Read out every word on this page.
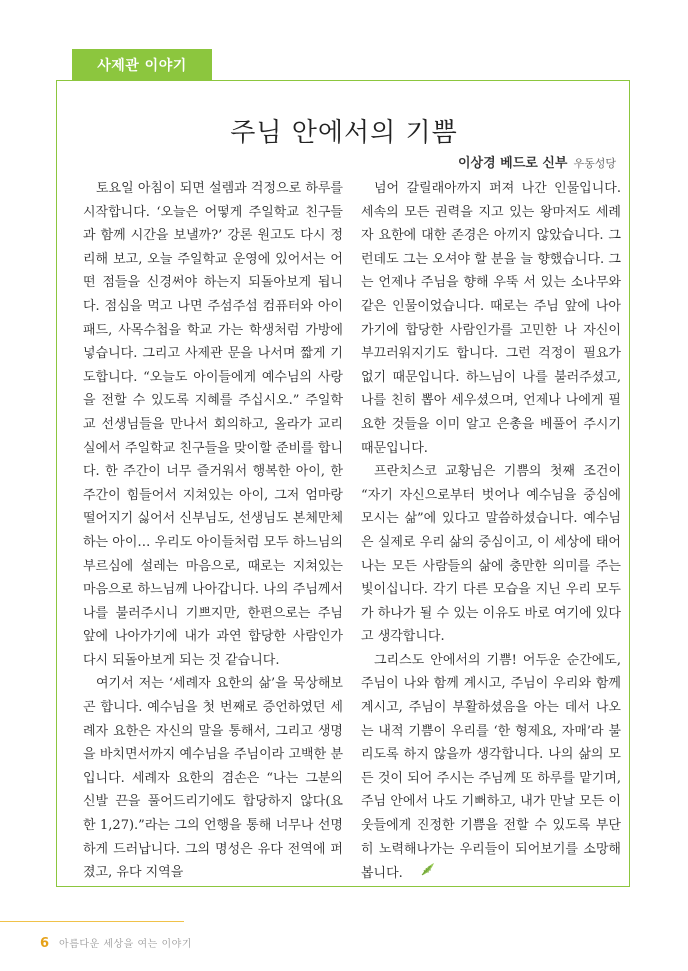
사제관 이야기
주님 안에서의 기쁨
이상경 베드로 신부 우동성당

토요일 아침이 되면 설렘과 걱정으로 하루를 시작합니다. ‘오늘은 어떻게 주일학교 친구들과 함께 시간을 보낼까?’ 강론 원고도 다시 정리해 보고, 오늘 주일학교 운영에 있어서는 어떤 점들을 신경써야 하는지 되돌아보게 됩니다. 점심을 먹고 나면 주섬주섬 컴퓨터와 아이패드, 사목수첩을 학교 가는 학생처럼 가방에 넣습니다. 그리고 사제관 문을 나서며 짧게 기도합니다. “오늘도 아이들에게 예수님의 사랑을 전할 수 있도록 지혜를 주십시오.” 주일학교 선생님들을 만나서 회의하고, 올라가 교리실에서 주일학교 친구들을 맞이할 준비를 합니다. 한 주간이 너무 즐거워서 행복한 아이, 한 주간이 힘들어서 지쳐있는 아이, 그저 엄마랑 떨어지기 싫어서 신부님도, 선생님도 본체만체하는 아이… 우리도 아이들처럼 모두 하느님의 부르심에 설레는 마음으로, 때로는 지쳐있는 마음으로 하느님께 나아갑니다. 나의 주님께서 나를 불러주시니 기쁘지만, 한편으로는 주님 앞에 나아가기에 내가 과연 합당한 사람인가 다시 되돌아보게 되는 것 같습니다.

여기서 저는 ‘세례자 요한의 삶’을 묵상해보곤 합니다. 예수님을 첫 번째로 증언하였던 세례자 요한은 자신의 말을 통해서, 그리고 생명을 바치면서까지 예수님을 주님이라 고백한 분입니다. 세례자 요한의 겸손은 “나는 그분의 신발 끈을 풀어드리기에도 합당하지 않다(요한 1,27).”라는 그의 언행을 통해 너무나 선명하게 드러납니다. 그의 명성은 유다 전역에 퍼졌고, 유다 지역을

넘어 갈릴래아까지 퍼져 나간 인물입니다. 세속의 모든 권력을 지고 있는 왕마저도 세례자 요한에 대한 존경은 아끼지 않았습니다. 그런데도 그는 오셔야 할 분을 늘 향했습니다. 그는 언제나 주님을 향해 우뚝 서 있는 소나무와 같은 인물이었습니다. 때로는 주님 앞에 나아가기에 합당한 사람인가를 고민한 나 자신이 부끄러워지기도 합니다. 그런 걱정이 필요가 없기 때문입니다. 하느님이 나를 불러주셨고, 나를 친히 뽑아 세우셨으며, 언제나 나에게 필요한 것들을 이미 알고 은총을 베풀어 주시기 때문입니다.

프란치스코 교황님은 기쁨의 첫째 조건이 “자기 자신으로부터 벗어나 예수님을 중심에 모시는 삶”에 있다고 말씀하셨습니다. 예수님은 실제로 우리 삶의 중심이고, 이 세상에 태어나는 모든 사람들의 삶에 충만한 의미를 주는 빛이십니다. 각기 다른 모습을 지닌 우리 모두가 하나가 될 수 있는 이유도 바로 여기에 있다고 생각합니다.

그리스도 안에서의 기쁨! 어두운 순간에도, 주님이 나와 함께 계시고, 주님이 우리와 함께 계시고, 주님이 부활하셨음을 아는 데서 나오는 내적 기쁨이 우리를 ‘한 형제요, 자매’라 불리도록 하지 않을까 생각합니다. 나의 삶의 모든 것이 되어 주시는 주님께 또 하루를 맡기며, 주님 안에서 나도 기뻐하고, 내가 만날 모든 이웃들에게 진정한 기쁨을 전할 수 있도록 부단히 노력해나가는 우리들이 되어보기를 소망해봅니다.

6 아름다운 세상을 여는 이야기
